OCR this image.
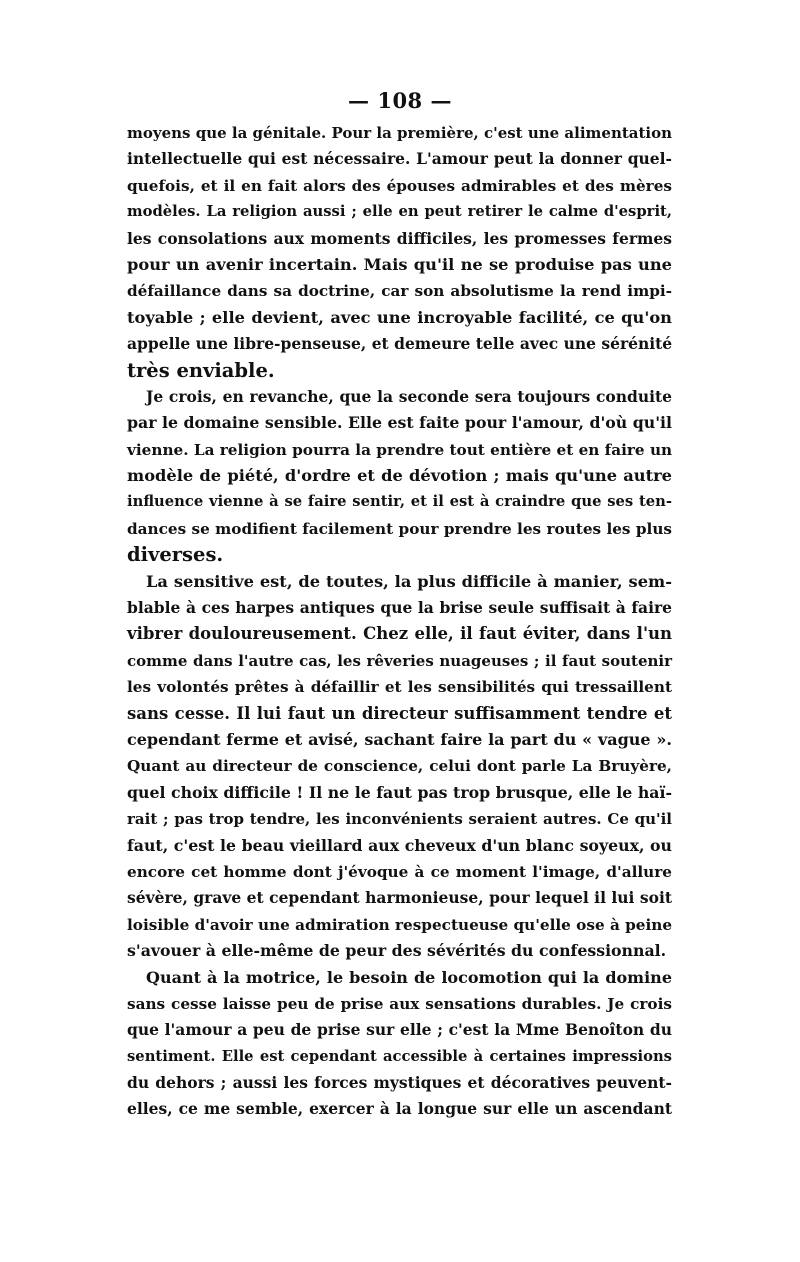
— 108 —
moyens que la génitale. Pour la première, c'est une alimentation
intellectuelle qui est nécessaire. L'amour peut la donner quel-
quefois, et il en fait alors des épouses admirables et des mères
modèles. La religion aussi ; elle en peut retirer le calme d'esprit,
les consolations aux moments difficiles, les promesses fermes
pour un avenir incertain. Mais qu'il ne se produise pas une
défaillance dans sa doctrine, car son absolutisme la rend impi-
toyable ; elle devient, avec une incroyable facilité, ce qu'on
appelle une libre-penseuse, et demeure telle avec une sérénité
très enviable.
Je crois, en revanche, que la seconde sera toujours conduite
par le domaine sensible. Elle est faite pour l'amour, d'où qu'il
vienne. La religion pourra la prendre tout entière et en faire un
modèle de piété, d'ordre et de dévotion ; mais qu'une autre
influence vienne à se faire sentir, et il est à craindre que ses ten-
dances se modifient facilement pour prendre les routes les plus
diverses.
La sensitive est, de toutes, la plus difficile à manier, sem-
blable à ces harpes antiques que la brise seule suffisait à faire
vibrer douloureusement. Chez elle, il faut éviter, dans l'un
comme dans l'autre cas, les rêveries nuageuses ; il faut soutenir
les volontés prêtes à défaillir et les sensibilités qui tressaillent
sans cesse. Il lui faut un directeur suffisamment tendre et
cependant ferme et avisé, sachant faire la part du « vague ».
Quant au directeur de conscience, celui dont parle La Bruyère,
quel choix difficile ! Il ne le faut pas trop brusque, elle le haï-
rait ; pas trop tendre, les inconvénients seraient autres. Ce qu'il
faut, c'est le beau vieillard aux cheveux d'un blanc soyeux, ou
encore cet homme dont j'évoque à ce moment l'image, d'allure
sévère, grave et cependant harmonieuse, pour lequel il lui soit
loisible d'avoir une admiration respectueuse qu'elle ose à peine
s'avouer à elle-même de peur des sévérités du confessionnal.
Quant à la motrice, le besoin de locomotion qui la domine
sans cesse laisse peu de prise aux sensations durables. Je crois
que l'amour a peu de prise sur elle ; c'est la Mme Benoîton du
sentiment. Elle est cependant accessible à certaines impressions
du dehors ; aussi les forces mystiques et décoratives peuvent-
elles, ce me semble, exercer à la longue sur elle un ascendant
